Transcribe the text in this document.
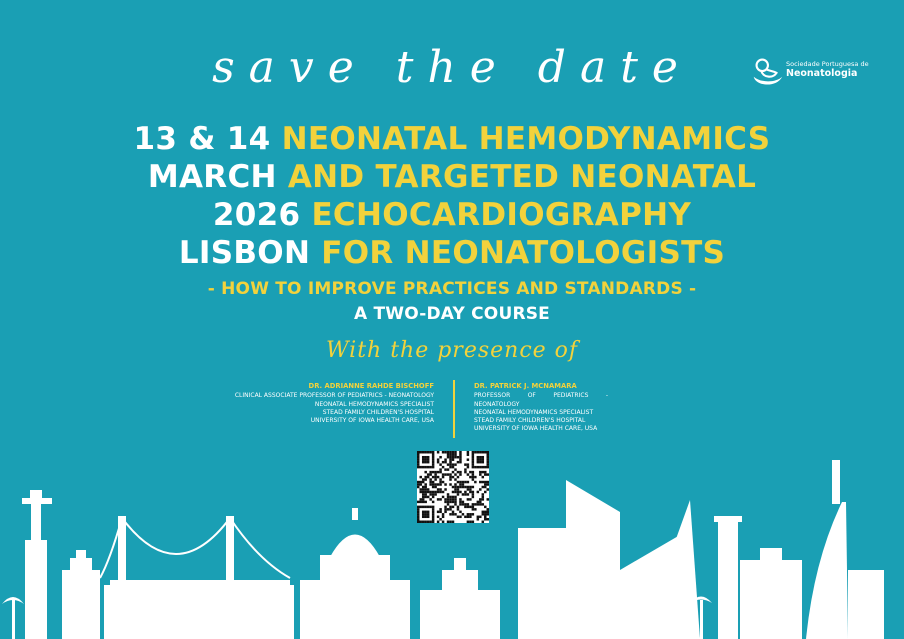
save the date	Sociedade Portuguesa de
Neonatologia
13 & 14 NEONATAL HEMODYNAMICS
MARCH AND TARGETED NEONATAL
2026 ECHOCARDIOGRAPHY
LISBON FOR NEONATOLOGISTS
- HOW TO IMPROVE PRACTICES AND STANDARDS -
A TWO-DAY COURSE
With the presence of
DR. ADRIANNE RAHDE BISCHOFF
CLINICAL ASSOCIATE PROFESSOR OF PEDIATRICS - NEONATOLOGY
NEONATAL HEMODYNAMICS SPECIALIST
STEAD FAMILY CHILDREN'S HOSPITAL
UNIVERSITY OF IOWA HEALTH CARE, USA
DR. PATRICK J. MCNAMARA
PROFESSOR OF PEDIATRICS - NEONATOLOGY
NEONATAL HEMODYNAMICS SPECIALIST
STEAD FAMILY CHILDREN'S HOSPITAL
UNIVERSITY OF IOWA HEALTH CARE, USA
